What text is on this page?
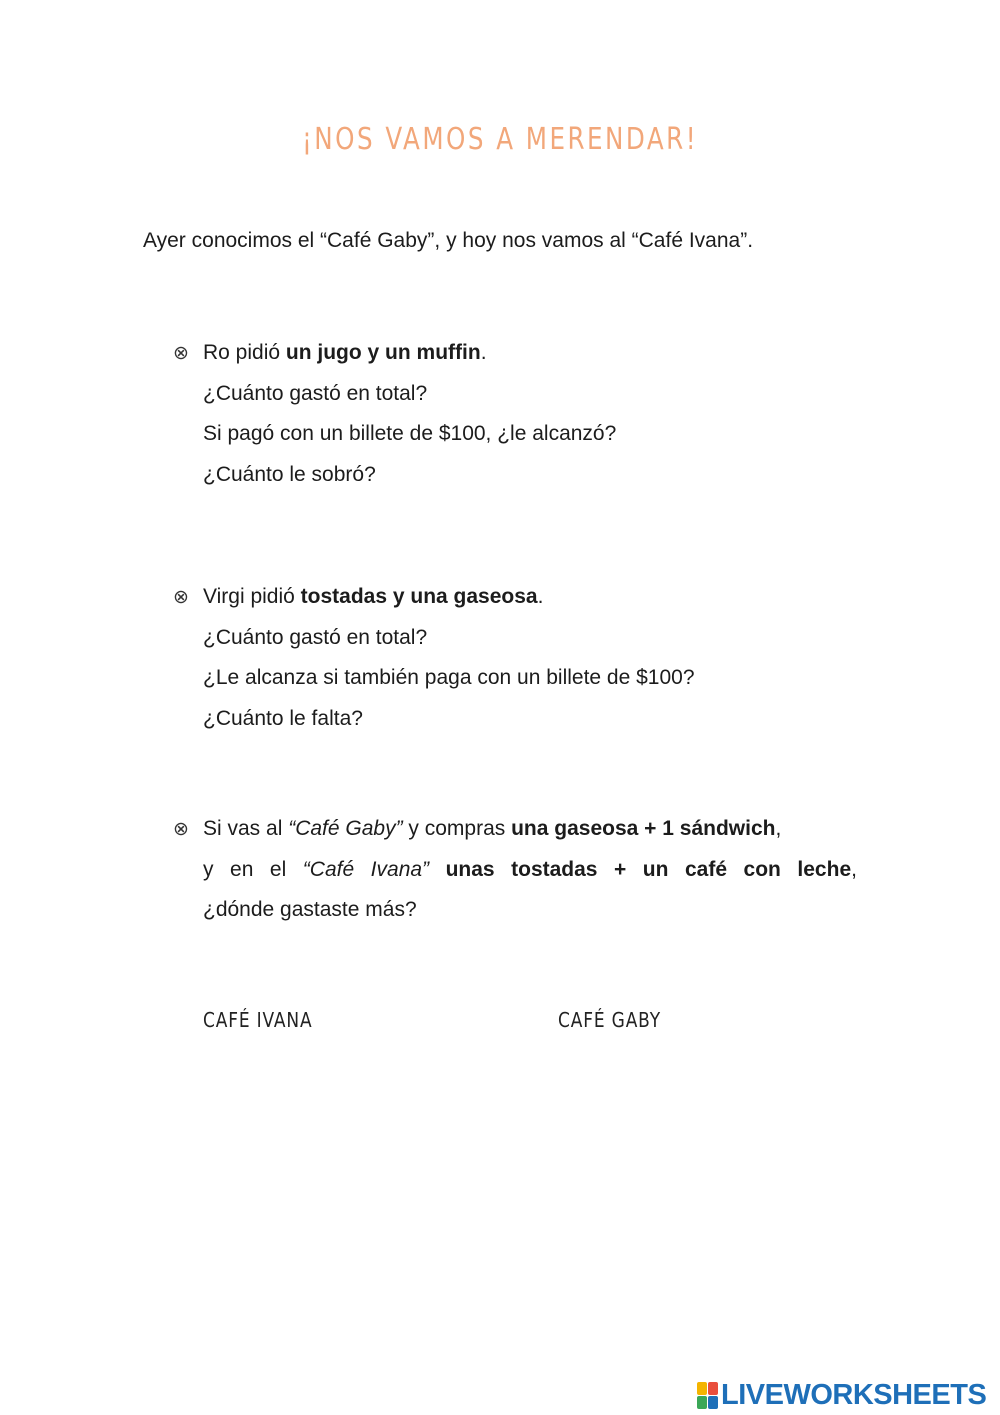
¡NOS VAMOS A MERENDAR!
Ayer conocimos el “Café Gaby”, y hoy nos vamos al “Café Ivana”.
⊗ Ro pidió un jugo y un muffin.
¿Cuánto gastó en total?
Si pagó con un billete de $100, ¿le alcanzó?
¿Cuánto le sobró?
⊗ Virgi pidió tostadas y una gaseosa.
¿Cuánto gastó en total?
¿Le alcanza si también paga con un billete de $100?
¿Cuánto le falta?
⊗ Si vas al “Café Gaby” y compras una gaseosa + 1 sándwich,
y en el “Café Ivana” unas tostadas + un café con leche,
¿dónde gastaste más?
CAFÉ IVANA	CAFÉ GABY
LIVEWORKSHEETS
